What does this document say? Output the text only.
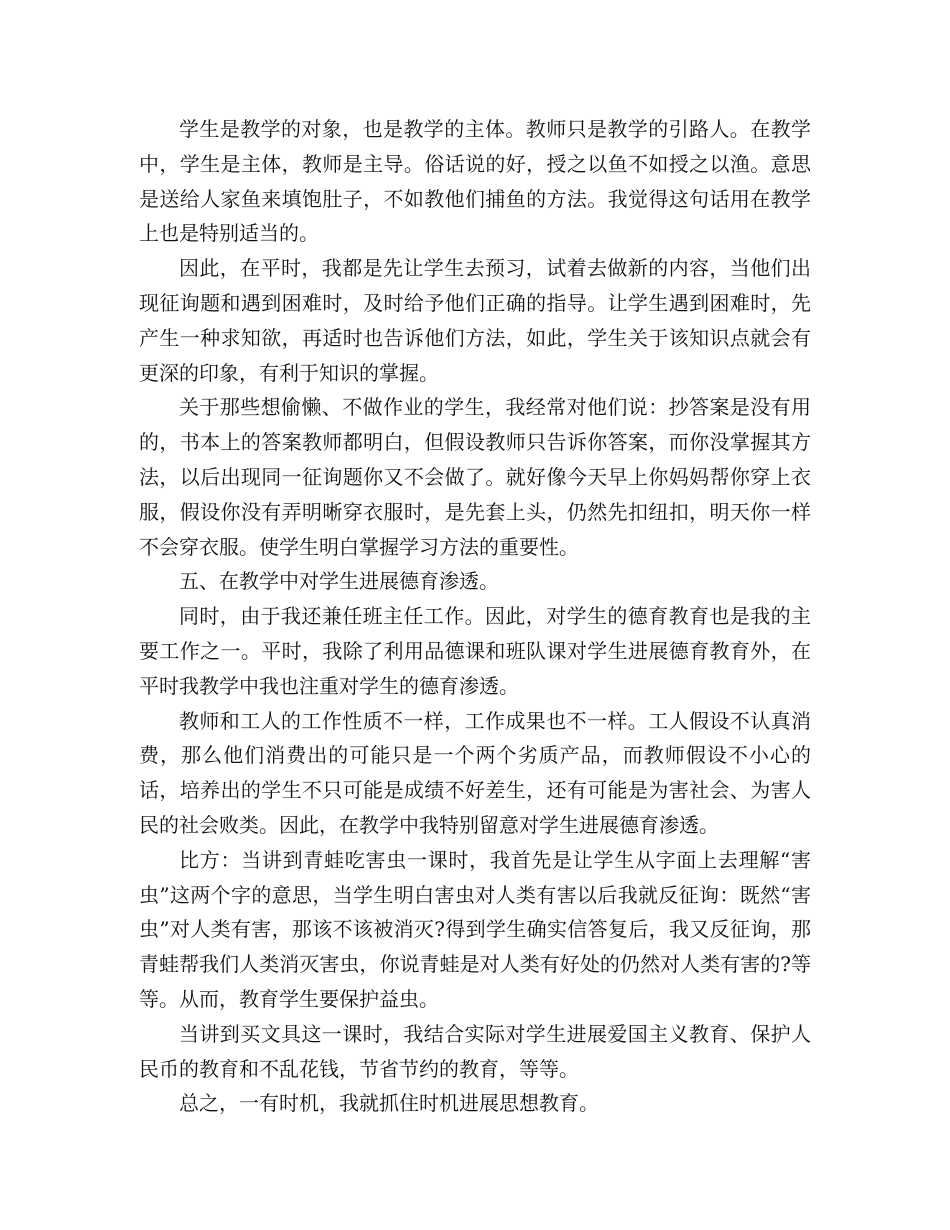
学生是教学的对象，也是教学的主体。教师只是教学的引路人。在教学中，学生是主体，教师是主导。俗话说的好，授之以鱼不如授之以渔。意思是送给人家鱼来填饱肚子，不如教他们捕鱼的方法。我觉得这句话用在教学上也是特别适当的。

因此，在平时，我都是先让学生去预习，试着去做新的内容，当他们出现征询题和遇到困难时，及时给予他们正确的指导。让学生遇到困难时，先产生一种求知欲，再适时也告诉他们方法，如此，学生关于该知识点就会有更深的印象，有利于知识的掌握。

关于那些想偷懒、不做作业的学生，我经常对他们说：抄答案是没有用的，书本上的答案教师都明白，但假设教师只告诉你答案，而你没掌握其方法，以后出现同一征询题你又不会做了。就好像今天早上你妈妈帮你穿上衣服，假设你没有弄明晰穿衣服时，是先套上头，仍然先扣纽扣，明天你一样不会穿衣服。使学生明白掌握学习方法的重要性。

五、在教学中对学生进展德育渗透。

同时，由于我还兼任班主任工作。因此，对学生的德育教育也是我的主要工作之一。平时，我除了利用品德课和班队课对学生进展德育教育外，在平时我教学中我也注重对学生的德育渗透。

教师和工人的工作性质不一样，工作成果也不一样。工人假设不认真消费，那么他们消费出的可能只是一个两个劣质产品，而教师假设不小心的话，培养出的学生不只可能是成绩不好差生，还有可能是为害社会、为害人民的社会败类。因此，在教学中我特别留意对学生进展德育渗透。

比方：当讲到青蛙吃害虫一课时，我首先是让学生从字面上去理解“害虫”这两个字的意思，当学生明白害虫对人类有害以后我就反征询：既然“害虫”对人类有害，那该不该被消灭?得到学生确实信答复后，我又反征询，那青蛙帮我们人类消灭害虫，你说青蛙是对人类有好处的仍然对人类有害的?等等。从而，教育学生要保护益虫。

当讲到买文具这一课时，我结合实际对学生进展爱国主义教育、保护人民币的教育和不乱花钱，节省节约的教育，等等。

总之，一有时机，我就抓住时机进展思想教育。
